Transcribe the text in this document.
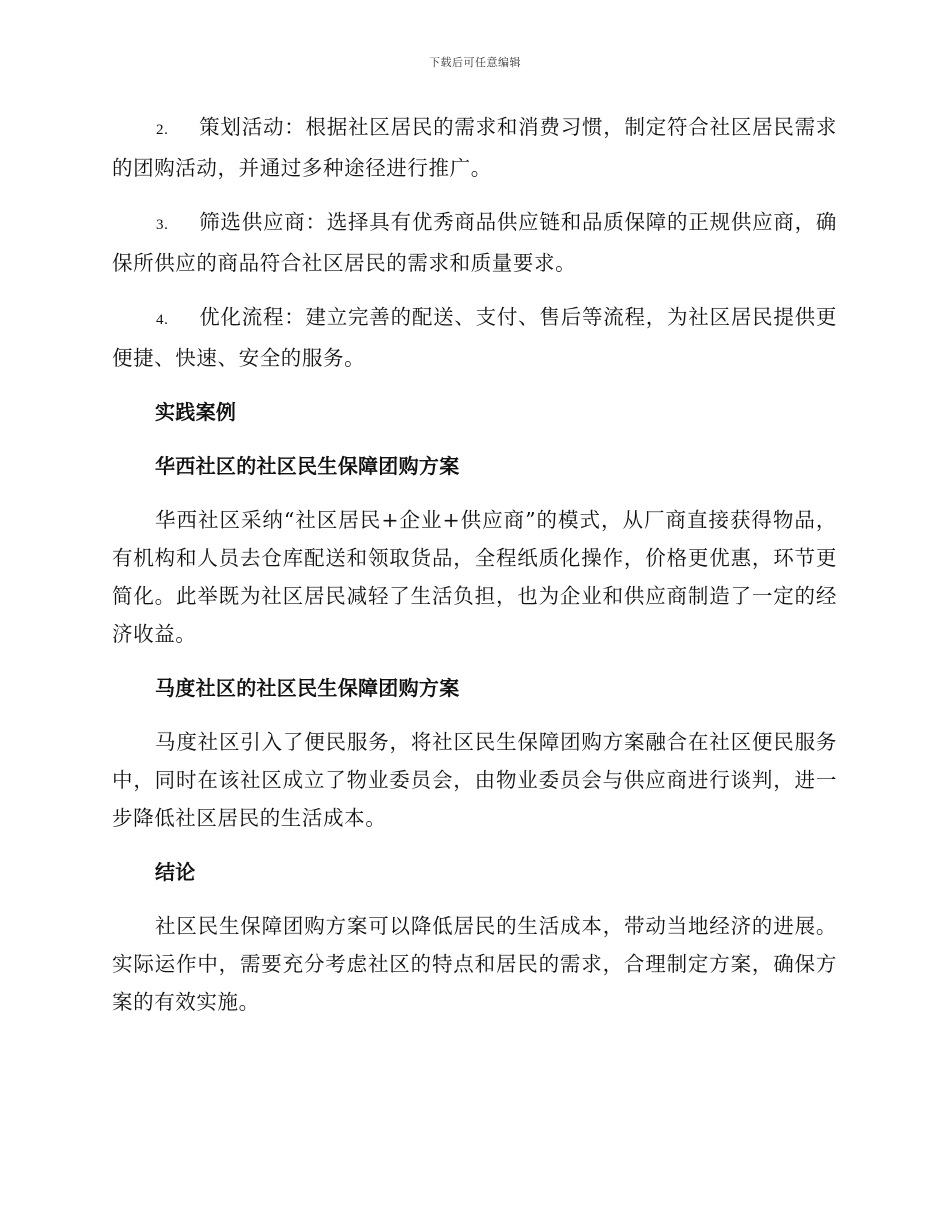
下载后可任意编辑

2. 策划活动：根据社区居民的需求和消费习惯，制定符合社区居民需求的团购活动，并通过多种途径进行推广。

3. 筛选供应商：选择具有优秀商品供应链和品质保障的正规供应商，确保所供应的商品符合社区居民的需求和质量要求。

4. 优化流程：建立完善的配送、支付、售后等流程，为社区居民提供更便捷、快速、安全的服务。

实践案例
华西社区的社区民生保障团购方案

华西社区采纳“社区居民+企业+供应商”的模式，从厂商直接获得物品，有机构和人员去仓库配送和领取货品，全程纸质化操作，价格更优惠，环节更简化。此举既为社区居民减轻了生活负担，也为企业和供应商制造了一定的经济收益。

马度社区的社区民生保障团购方案

马度社区引入了便民服务，将社区民生保障团购方案融合在社区便民服务中，同时在该社区成立了物业委员会，由物业委员会与供应商进行谈判，进一步降低社区居民的生活成本。

结论

社区民生保障团购方案可以降低居民的生活成本，带动当地经济的进展。实际运作中，需要充分考虑社区的特点和居民的需求，合理制定方案，确保方案的有效实施。
